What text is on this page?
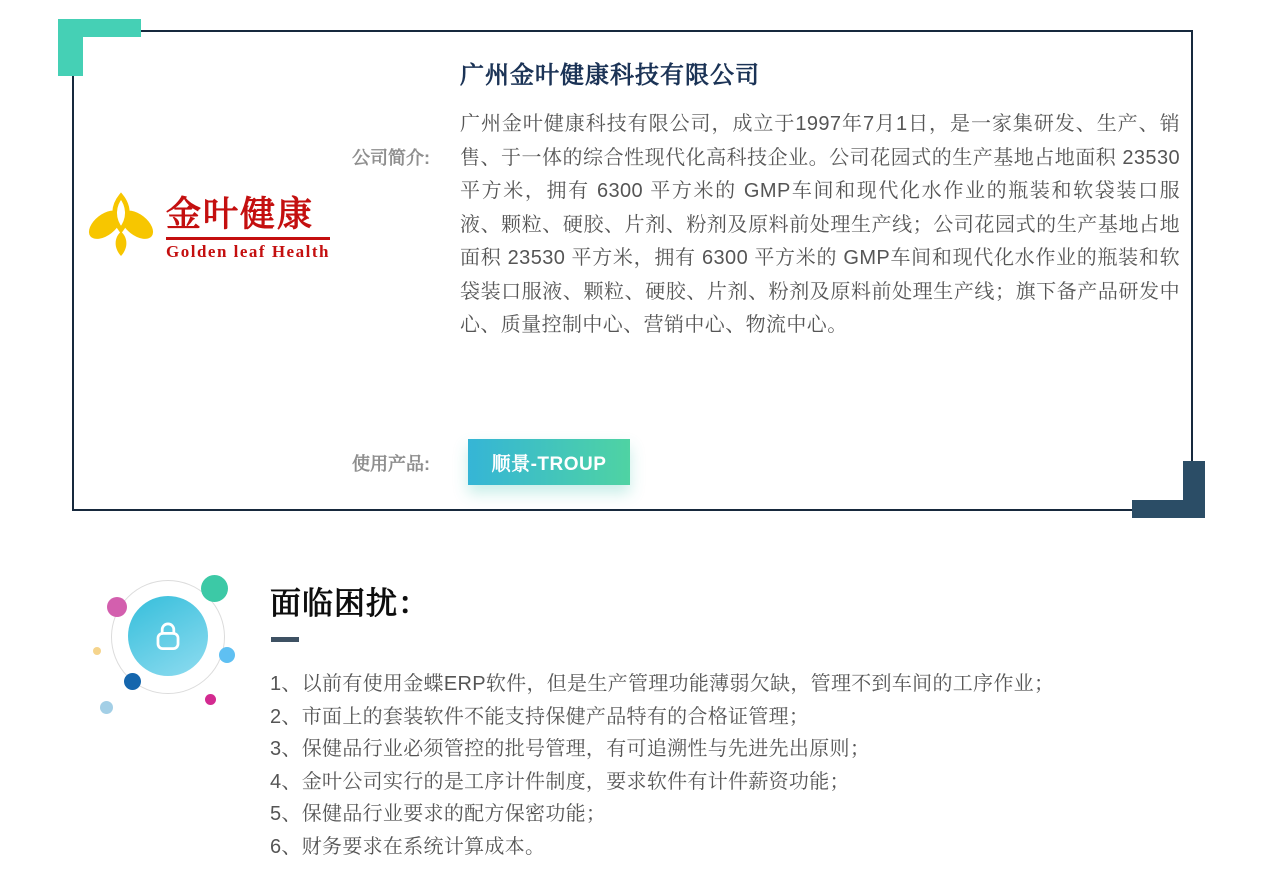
金叶健康
Golden leaf Health
广州金叶健康科技有限公司
公司简介:

广州金叶健康科技有限公司，成立于1997年7月1日，是一家集研发、生产、销售、于一体的综合性现代化高科技企业。公司花园式的生产基地占地面积 23530 平方米，拥有 6300 平方米的 GMP车间和现代化水作业的瓶装和软袋装口服液、颗粒、硬胶、片剂、粉剂及原料前处理生产线；公司花园式的生产基地占地面积 23530 平方米，拥有 6300 平方米的 GMP车间和现代化水作业的瓶装和软袋装口服液、颗粒、硬胶、片剂、粉剂及原料前处理生产线；旗下备产品研发中心、质量控制中心、营销中心、物流中心。

使用产品:	顺景-TROUP
面临困扰：
1、以前有使用金蝶ERP软件，但是生产管理功能薄弱欠缺，管理不到车间的工序作业；
2、市面上的套装软件不能支持保健产品特有的合格证管理；
3、保健品行业必须管控的批号管理，有可追溯性与先进先出原则；
4、金叶公司实行的是工序计件制度，要求软件有计件薪资功能；
5、保健品行业要求的配方保密功能；
6、财务要求在系统计算成本。
